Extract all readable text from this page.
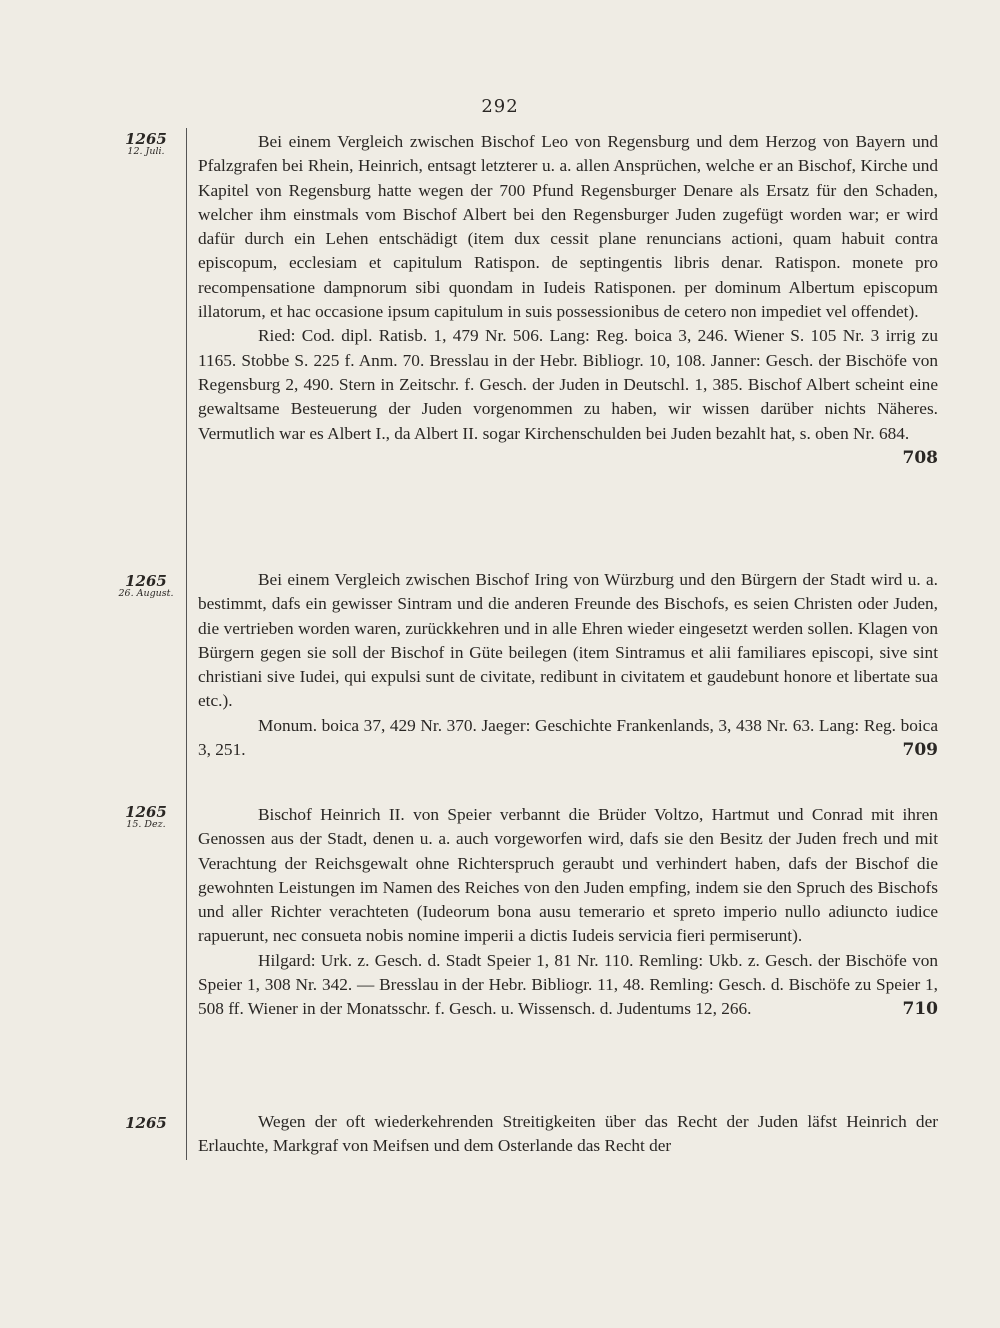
292
1265
12. Juli.

Bei einem Vergleich zwischen Bischof Leo von Regensburg und dem Herzog von Bayern und Pfalzgrafen bei Rhein, Heinrich, entsagt letzterer u. a. allen Ansprüchen, welche er an Bischof, Kirche und Kapitel von Regensburg hatte wegen der 700 Pfund Regensburger Denare als Ersatz für den Schaden, welcher ihm einstmals vom Bischof Albert bei den Regensburger Juden zugefügt worden war; er wird dafür durch ein Lehen entschädigt (item dux cessit plane renuncians actioni, quam habuit contra episcopum, ecclesiam et capitulum Ratispon. de septingentis libris denar. Ratispon. monete pro recompensatione dampnorum sibi quondam in Iudeis Ratisponen. per dominum Albertum episcopum illatorum, et hac occasione ipsum capitulum in suis possessionibus de cetero non impediet vel offendet).

Ried: Cod. dipl. Ratisb. 1, 479 Nr. 506. Lang: Reg. boica 3, 246. Wiener S. 105 Nr. 3 irrig zu 1165. Stobbe S. 225 f. Anm. 70. Bresslau in der Hebr. Bibliogr. 10, 108. Janner: Gesch. der Bischöfe von Regensburg 2, 490. Stern in Zeitschr. f. Gesch. der Juden in Deutschl. 1, 385. Bischof Albert scheint eine gewaltsame Besteuerung der Juden vorgenommen zu haben, wir wissen darüber nichts Näheres. Vermutlich war es Albert I., da Albert II. sogar Kirchenschulden bei Juden bezahlt hat, s. oben Nr. 684.
708

1265
26. August.

Bei einem Vergleich zwischen Bischof Iring von Würzburg und den Bürgern der Stadt wird u. a. bestimmt, dafs ein gewisser Sintram und die anderen Freunde des Bischofs, es seien Christen oder Juden, die vertrieben worden waren, zurückkehren und in alle Ehren wieder eingesetzt werden sollen. Klagen von Bürgern gegen sie soll der Bischof in Güte beilegen (item Sintramus et alii familiares episcopi, sive sint christiani sive Iudei, qui expulsi sunt de civitate, redibunt in civitatem et gaudebunt honore et libertate sua etc.).

Monum. boica 37, 429 Nr. 370. Jaeger: Geschichte Frankenlands, 3, 438 Nr. 63. Lang: Reg. boica 3, 251.	709

1265
15. Dez.

Bischof Heinrich II. von Speier verbannt die Brüder Voltzo, Hartmut und Conrad mit ihren Genossen aus der Stadt, denen u. a. auch vorgeworfen wird, dafs sie den Besitz der Juden frech und mit Verachtung der Reichsgewalt ohne Richterspruch geraubt und verhindert haben, dafs der Bischof die gewohnten Leistungen im Namen des Reiches von den Juden empfing, indem sie den Spruch des Bischofs und aller Richter verachteten (Iudeorum bona ausu temerario et spreto imperio nullo adiuncto iudice rapuerunt, nec consueta nobis nomine imperii a dictis Iudeis servicia fieri permiserunt).

Hilgard: Urk. z. Gesch. d. Stadt Speier 1, 81 Nr. 110. Remling: Ukb. z. Gesch. der Bischöfe von Speier 1, 308 Nr. 342. — Bresslau in der Hebr. Bibliogr. 11, 48. Remling: Gesch. d. Bischöfe zu Speier 1, 508 ff. Wiener in der Monatsschr. f. Gesch. u. Wissensch. d. Judentums 12, 266.	710

1265	Wegen der oft wiederkehrenden Streitigkeiten über das Recht der Juden läfst Heinrich der Erlauchte, Markgraf von Meifsen und dem Osterlande das Recht der
